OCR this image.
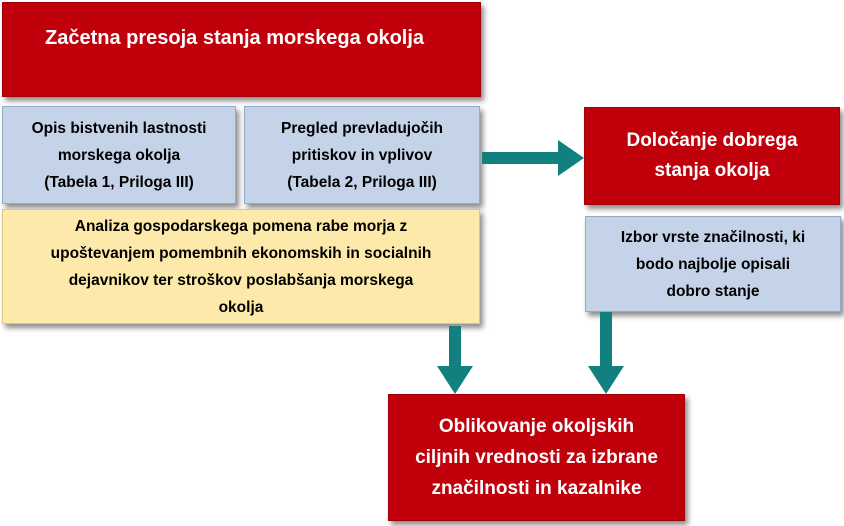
Začetna presoja stanja morskega okolja
Opis bistvenih lastnosti
morskega okolja
(Tabela 1, Priloga III)
Pregled prevladujočih
pritiskov in vplivov
(Tabela 2, Priloga III)
Analiza gospodarskega pomena rabe morja z
upoštevanjem pomembnih ekonomskih in socialnih
dejavnikov ter stroškov poslabšanja morskega
okolja
Določanje dobrega
stanja okolja
Izbor vrste značilnosti, ki
bodo najbolje opisali
dobro stanje
Oblikovanje okoljskih
ciljnih vrednosti za izbrane
značilnosti in kazalnike
